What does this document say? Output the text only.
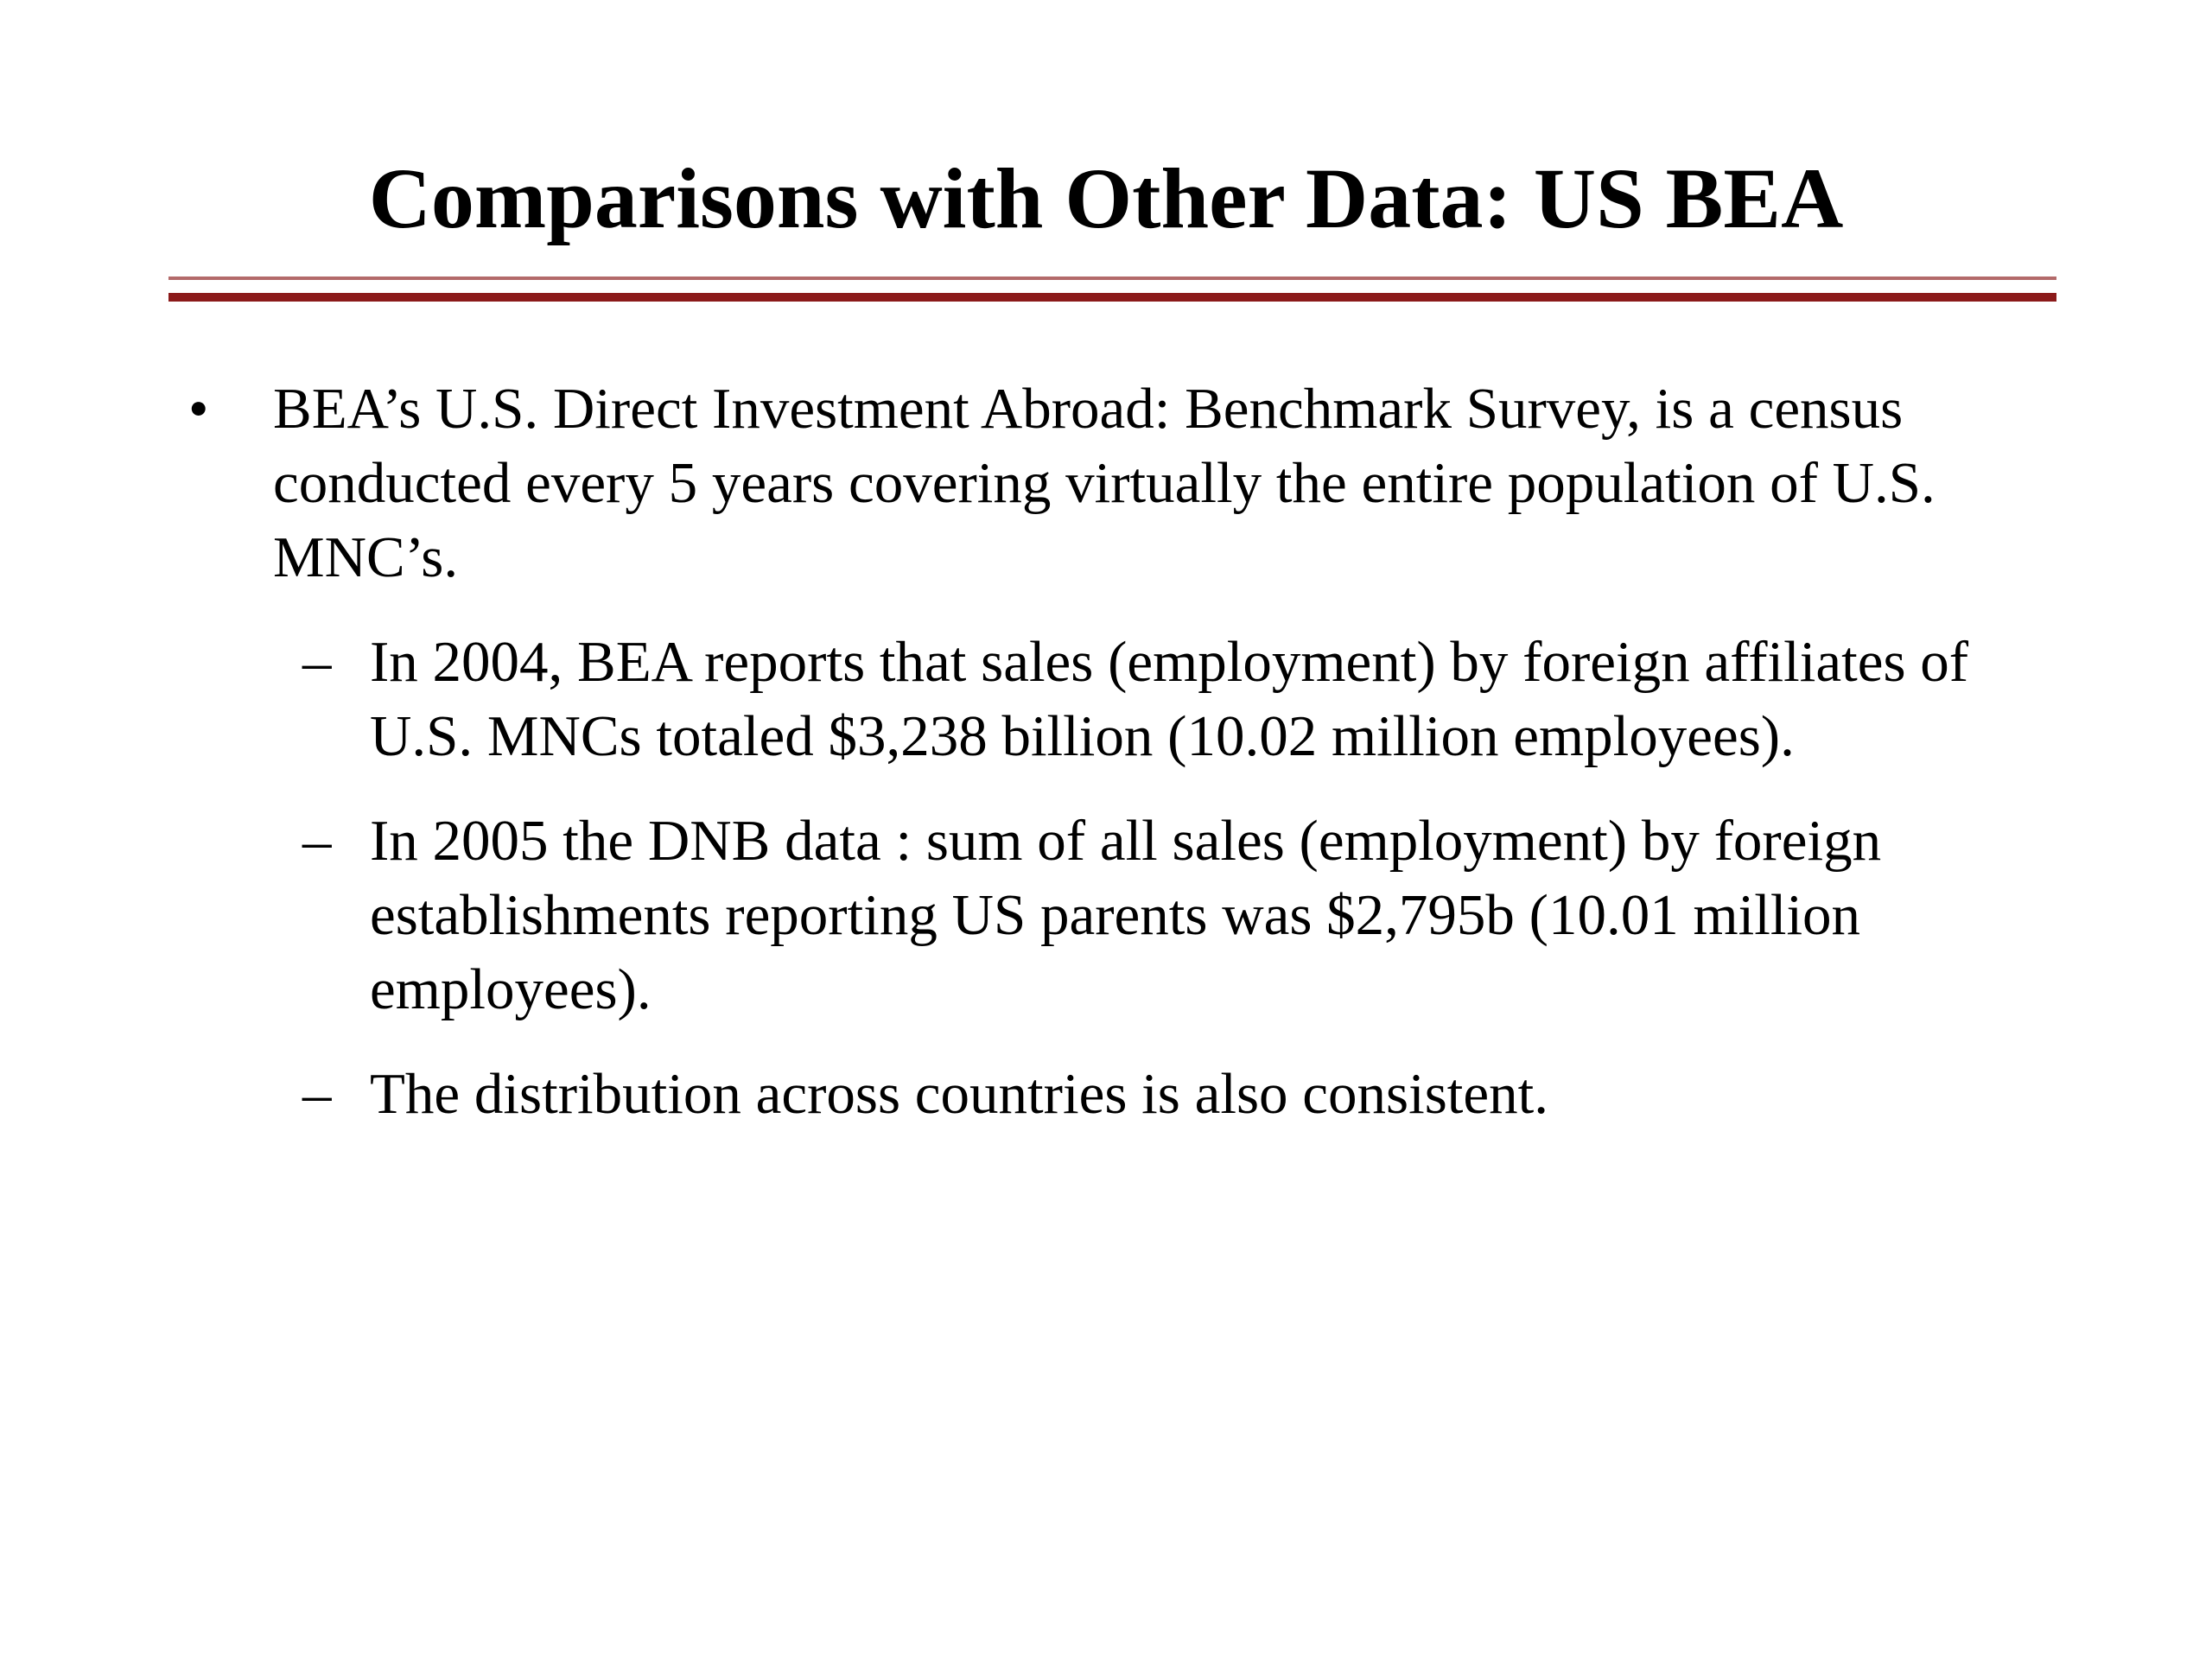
Comparisons with Other Data: US BEA
• BEA’s U.S. Direct Investment Abroad: Benchmark Survey, is a census conducted every 5 years covering virtually the entire population of U.S. MNC’s.
– In 2004, BEA reports that sales (employment) by foreign affiliates of U.S. MNCs totaled $3,238 billion (10.02 million employees).
– In 2005 the DNB data : sum of all sales (employment) by foreign establishments reporting US parents was $2,795b (10.01 million employees).
– The distribution across countries is also consistent.
